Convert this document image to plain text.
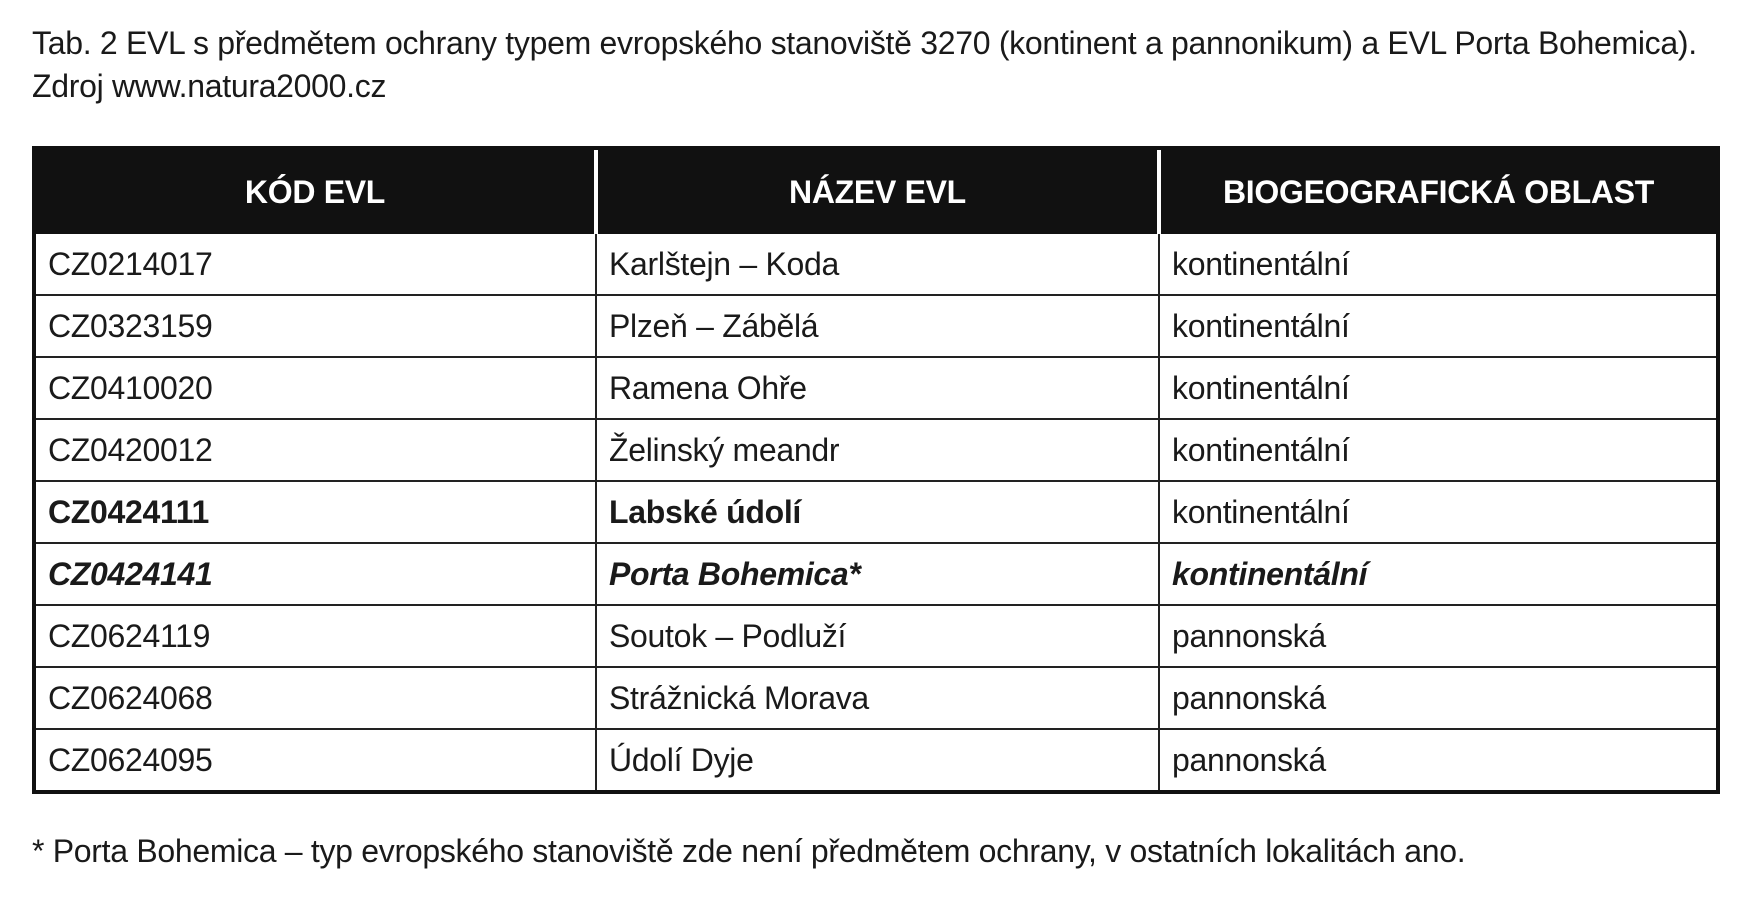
Tab. 2 EVL s předmětem ochrany typem evropského stanoviště 3270 (kontinent a pannonikum) a EVL Porta Bohemica). Zdroj www.natura2000.cz
KÓD EVL	NÁZEV EVL	BIOGEOGRAFICKÁ OBLAST
CZ0214017	Karlštejn – Koda	kontinentální
CZ0323159	Plzeň – Zábělá	kontinentální
CZ0410020	Ramena Ohře	kontinentální
CZ0420012	Želinský meandr	kontinentální
CZ0424111	Labské údolí	kontinentální
CZ0424141	Porta Bohemica*	kontinentální
CZ0624119	Soutok – Podluží	pannonská
CZ0624068	Strážnická Morava	pannonská
CZ0624095	Údolí Dyje	pannonská
* Porta Bohemica – typ evropského stanoviště zde není předmětem ochrany, v ostatních lokalitách ano.
